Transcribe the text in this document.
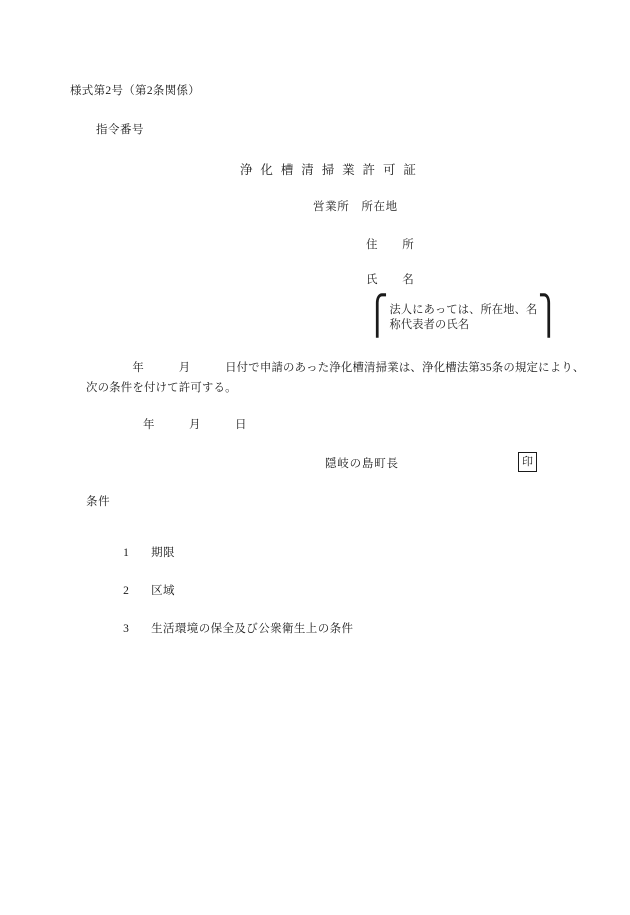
様式第2号（第2条関係）
指令番号
浄 化 槽 清 掃 業 許 可 証
営業所　所在地
住　　所
氏　　名
⎧ 法人にあっては、所在地、名
称代表者の氏名	⎫
　　　　年　　　月　　　日付で申請のあった浄化槽清掃業は、浄化槽法第35条の規定により、
次の条件を付けて許可する。
年　　　月　　　日
隠岐の島町長	印
条件

1 期限

2 区域

3 生活環境の保全及び公衆衛生上の条件
